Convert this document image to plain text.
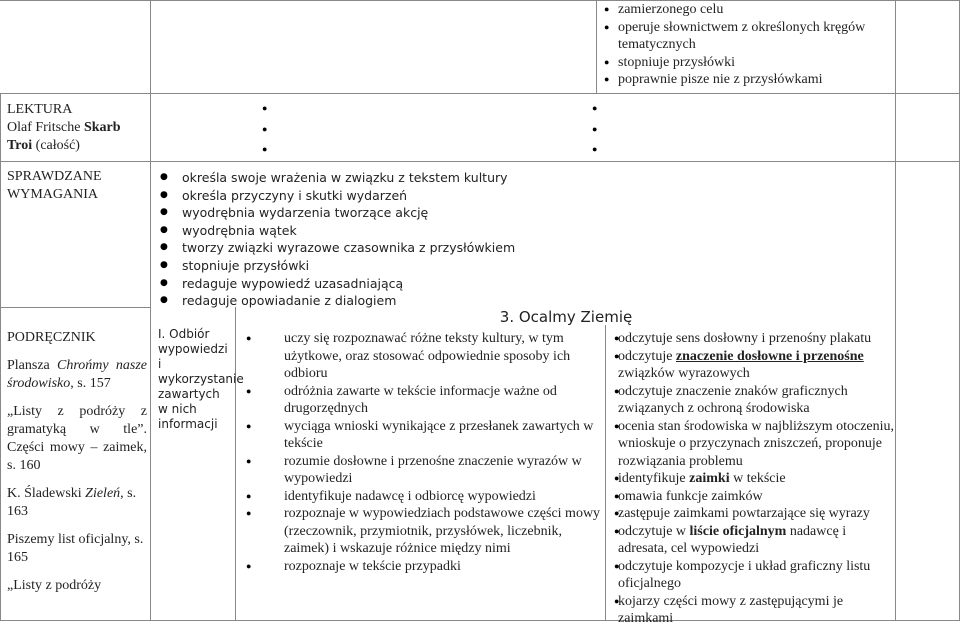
● zamierzonego celu
● operuje słownictwem z określonych kręgów tematycznych
● stopniuje przysłówki
● poprawnie pisze nie z przysłówkami
LEKTURA
Olaf Fritsche Skarb
Troi (całość)
●
●
●
●
●
●
SPRAWDZANE WYMAGANIA
● określa swoje wrażenia w związku z tekstem kultury
● określa przyczyny i skutki wydarzeń
● wyodrębnia wydarzenia tworzące akcję
● wyodrębnia wątek
● tworzy związki wyrazowe czasownika z przysłówkiem
● stopniuje przysłówki
● redaguje wypowiedź uzasadniającą
● redaguje opowiadanie z dialogiem
3. Ocalmy Ziemię
PODRĘCZNIK

Plansza Chrońmy nasze środowisko, s. 157

„Listy z podróży z gramatyką w tle”. Części mowy – zaimek, s. 160

K. Śladewski Zieleń, s. 163

Piszemy list oficjalny, s. 165

„Listy z podróży

I. Odbiór wypowiedzi i wykorzystanie zawartych w nich informacji
● uczy się rozpoznawać różne teksty kultury, w tym użytkowe, oraz stosować odpowiednie sposoby ich odbioru
● odróżnia zawarte w tekście informacje ważne od drugorzędnych
● wyciąga wnioski wynikające z przesłanek zawartych w tekście
● rozumie dosłowne i przenośne znaczenie wyrazów w wypowiedzi
● identyfikuje nadawcę i odbiorcę wypowiedzi
● rozpoznaje w wypowiedziach podstawowe części mowy (rzeczownik, przymiotnik, przysłówek, liczebnik, zaimek) i wskazuje różnice między nimi
● rozpoznaje w tekście przypadki
● odczytuje sens dosłowny i przenośny plakatu
● odczytuje znaczenie dosłowne i przenośne związków wyrazowych
● odczytuje znaczenie znaków graficznych związanych z ochroną środowiska
● ocenia stan środowiska w najbliższym otoczeniu, wnioskuje o przyczynach zniszczeń, proponuje rozwiązania problemu
● identyfikuje zaimki w tekście
● omawia funkcje zaimków
● zastępuje zaimkami powtarzające się wyrazy
● odczytuje w liście oficjalnym nadawcę i adresata, cel wypowiedzi
● odczytuje kompozycje i układ graficzny listu oficjalnego
● kojarzy części mowy z zastępującymi je zaimkami
